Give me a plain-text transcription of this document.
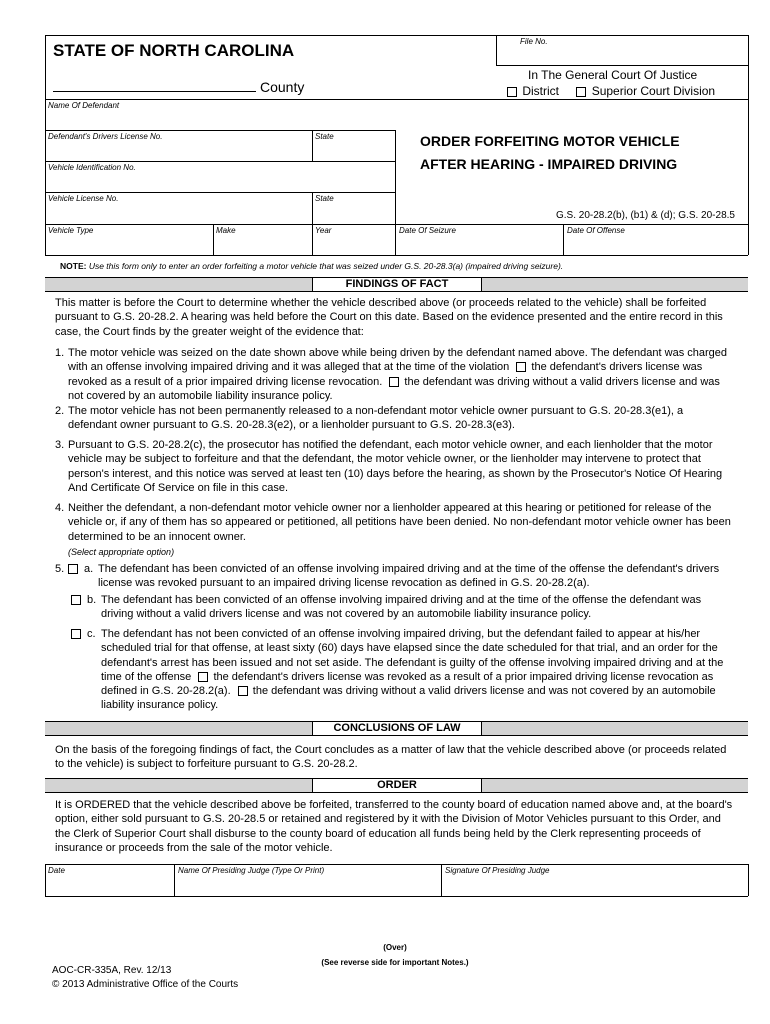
STATE OF NORTH CAROLINA	File No.
County
In The General Court Of Justice
District	Superior Court Division
Name Of Defendant
Defendant's Drivers License No.	State
Vehicle Identification No.
Vehicle License No.	State
ORDER FORFEITING MOTOR VEHICLE
AFTER HEARING - IMPAIRED DRIVING
G.S. 20-28.2(b), (b1) & (d); G.S. 20-28.5
Vehicle Type	Make	Year	Date Of Seizure	Date Of Offense
NOTE: Use this form only to enter an order forfeiting a motor vehicle that was seized under G.S. 20-28.3(a) (impaired driving seizure).
FINDINGS OF FACT
This matter is before the Court to determine whether the vehicle described above (or proceeds related to the vehicle) shall be forfeited pursuant to G.S. 20-28.2. A hearing was held before the Court on this date. Based on the evidence presented and the entire record in this case, the Court finds by the greater weight of the evidence that:
1. The motor vehicle was seized on the date shown above while being driven by the defendant named above. The defendant was charged with an offense involving impaired driving and it was alleged that at the time of the violation the defendant's drivers license was revoked as a result of a prior impaired driving license revocation. the defendant was driving without a valid drivers license and was not covered by an automobile liability insurance policy.
2. The motor vehicle has not been permanently released to a non-defendant motor vehicle owner pursuant to G.S. 20-28.3(e1), a defendant owner pursuant to G.S. 20-28.3(e2), or a lienholder pursuant to G.S. 20-28.3(e3).
3. Pursuant to G.S. 20-28.2(c), the prosecutor has notified the defendant, each motor vehicle owner, and each lienholder that the motor vehicle may be subject to forfeiture and that the defendant, the motor vehicle owner, or the lienholder may intervene to protect that person's interest, and this notice was served at least ten (10) days before the hearing, as shown by the Prosecutor's Notice Of Hearing And Certificate Of Service on file in this case.
4. Neither the defendant, a non-defendant motor vehicle owner nor a lienholder appeared at this hearing or petitioned for release of the vehicle or, if any of them has so appeared or petitioned, all petitions have been denied. No non-defendant motor vehicle owner has been determined to be an innocent owner.
(Select appropriate option)
5. a. The defendant has been convicted of an offense involving impaired driving and at the time of the offense the defendant's drivers license was revoked pursuant to an impaired driving license revocation as defined in G.S. 20-28.2(a).
b. The defendant has been convicted of an offense involving impaired driving and at the time of the offense the defendant was driving without a valid drivers license and was not covered by an automobile liability insurance policy.
c. The defendant has not been convicted of an offense involving impaired driving, but the defendant failed to appear at his/her scheduled trial for that offense, at least sixty (60) days have elapsed since the date scheduled for that trial, and an order for the defendant's arrest has been issued and not set aside. The defendant is guilty of the offense involving impaired driving and at the time of the offense the defendant's drivers license was revoked as a result of a prior impaired driving license revocation as defined in G.S. 20-28.2(a). the defendant was driving without a valid drivers license and was not covered by an automobile liability insurance policy.
CONCLUSIONS OF LAW
On the basis of the foregoing findings of fact, the Court concludes as a matter of law that the vehicle described above (or proceeds related to the vehicle) is subject to forfeiture pursuant to G.S. 20-28.2.
ORDER
It is ORDERED that the vehicle described above be forfeited, transferred to the county board of education named above and, at the board's option, either sold pursuant to G.S. 20-28.5 or retained and registered by it with the Division of Motor Vehicles pursuant to this Order, and the Clerk of Superior Court shall disburse to the county board of education all funds being held by the Clerk representing proceeds of insurance or proceeds from the sale of the motor vehicle.
Date	Name Of Presiding Judge (Type Or Print)	Signature Of Presiding Judge
(Over)
(See reverse side for important Notes.)
AOC-CR-335A, Rev. 12/13
© 2013 Administrative Office of the Courts
